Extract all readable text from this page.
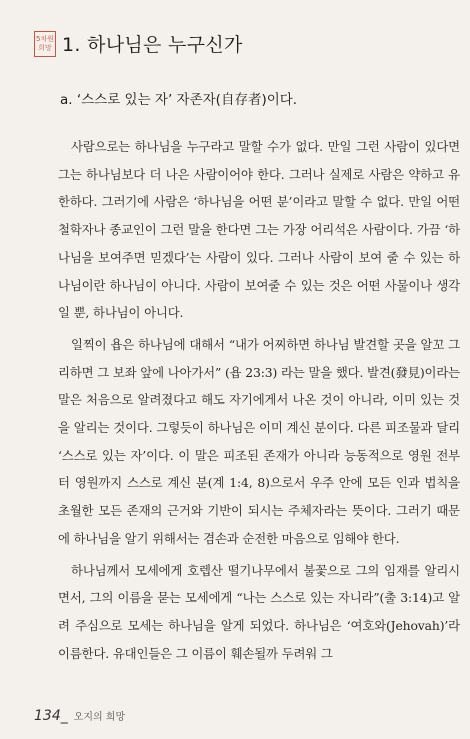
5차원
희망 1. 하나님은 누구신가
a. ‘스스로 있는 자’ 자존자(自存者)이다.

사람으로는 하나님을 누구라고 말할 수가 없다. 만일 그런 사람이 있다면 그는 하나님보다 더 나은 사람이어야 한다. 그러나 실제로 사람은 약하고 유한하다. 그러기에 사람은 ‘하나님을 어떤 분’이라고 말할 수 없다. 만일 어떤 철학자나 종교인이 그런 말을 한다면 그는 가장 어리석은 사람이다. 가끔 ‘하나님을 보여주면 믿겠다’는 사람이 있다. 그러나 사람이 보여 줄 수 있는 하나님이란 하나님이 아니다. 사람이 보여줄 수 있는 것은 어떤 사물이나 생각일 뿐, 하나님이 아니다.

일찍이 욥은 하나님에 대해서 “내가 어찌하면 하나님 발견할 곳을 알꼬 그리하면 그 보좌 앞에 나아가서” (욥 23:3) 라는 말을 했다. 발견(發見)이라는 말은 처음으로 알려졌다고 해도 자기에게서 나온 것이 아니라, 이미 있는 것을 알리는 것이다. 그렇듯이 하나님은 이미 계신 분이다. 다른 피조물과 달리 ‘스스로 있는 자’이다. 이 말은 피조된 존재가 아니라 능동적으로 영원 전부터 영원까지 스스로 계신 분(계 1:4, 8)으로서 우주 안에 모든 인과 법칙을 초월한 모든 존재의 근거와 기반이 되시는 주체자라는 뜻이다. 그러기 때문에 하나님을 알기 위해서는 겸손과 순전한 마음으로 임해야 한다.

하나님께서 모세에게 호렙산 떨기나무에서 불꽃으로 그의 임재를 알리시면서, 그의 이름을 묻는 모세에게 “나는 스스로 있는 자니라”(출 3:14)고 알려 주심으로 모세는 하나님을 알게 되었다. 하나님은 ‘여호와(Jehovah)’라 이름한다. 유대인들은 그 이름이 훼손될까 두려워 그

134 _ 오지의 희망
